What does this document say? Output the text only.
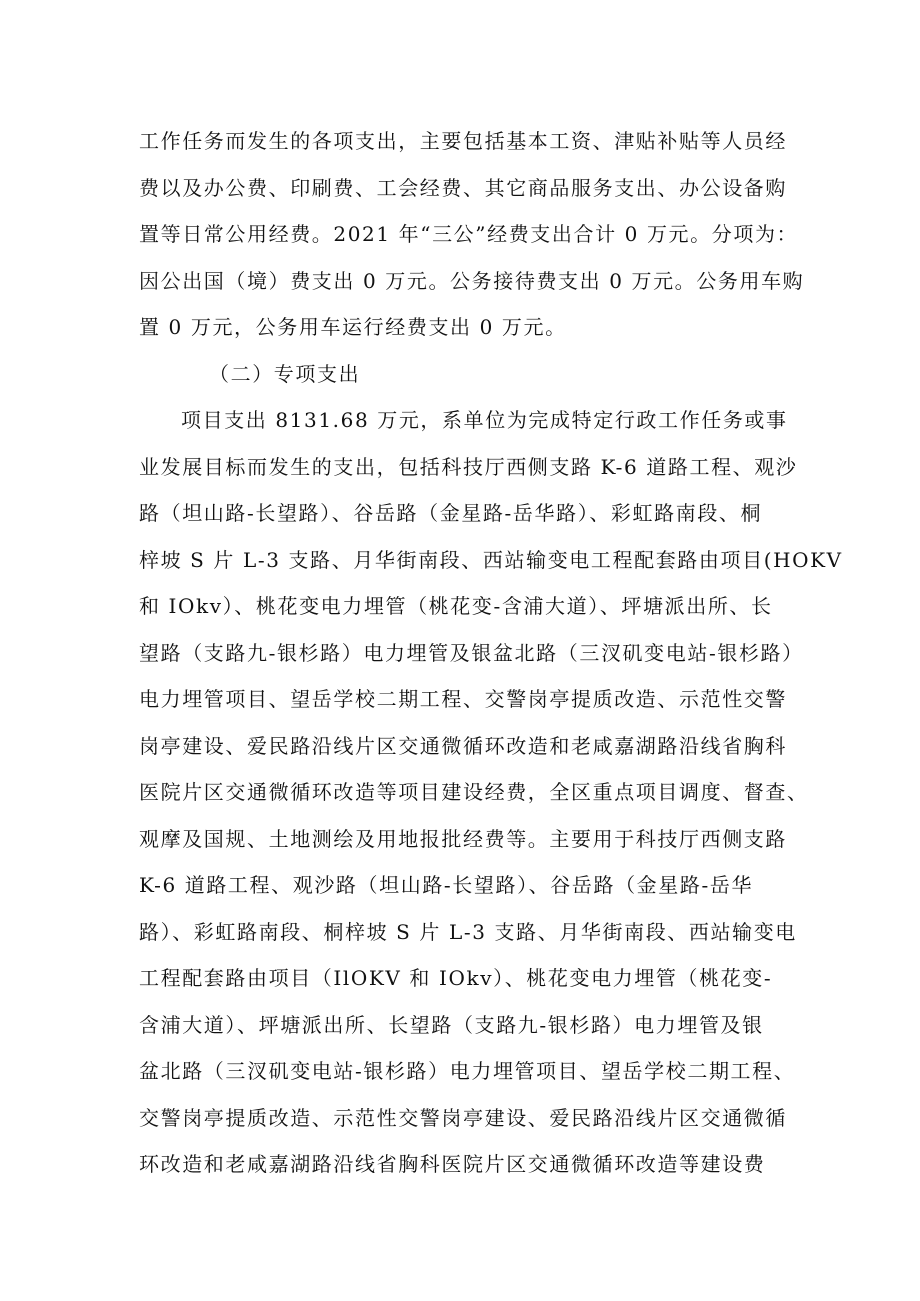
工作任务而发生的各项支出，主要包括基本工资、津贴补贴等人员经
费以及办公费、印刷费、工会经费、其它商品服务支出、办公设备购
置等日常公用经费。2021 年“三公”经费支出合计 0 万元。分项为：
因公出国（境）费支出 0 万元。公务接待费支出 0 万元。公务用车购
置 0 万元，公务用车运行经费支出 0 万元。
（二）专项支出
项目支出 8131.68 万元，系单位为完成特定行政工作任务或事
业发展目标而发生的支出，包括科技厅西侧支路 K-6 道路工程、观沙
路（坦山路-长望路）、谷岳路（金星路-岳华路）、彩虹路南段、桐
梓坡 S 片 L-3 支路、月华街南段、西站输变电工程配套路由项目(HOKV
和 IOkv）、桃花变电力埋管（桃花变-含浦大道）、坪塘派出所、长
望路（支路九-银杉路）电力埋管及银盆北路（三汊矶变电站-银杉路）
电力埋管项目、望岳学校二期工程、交警岗亭提质改造、示范性交警
岗亭建设、爱民路沿线片区交通微循环改造和老咸嘉湖路沿线省胸科
医院片区交通微循环改造等项目建设经费，全区重点项目调度、督查、
观摩及国规、土地测绘及用地报批经费等。主要用于科技厅西侧支路
K-6 道路工程、观沙路（坦山路-长望路）、谷岳路（金星路-岳华
路）、彩虹路南段、桐梓坡 S 片 L-3 支路、月华街南段、西站输变电
工程配套路由项目（IlOKV 和 IOkv）、桃花变电力埋管（桃花变-
含浦大道）、坪塘派出所、长望路（支路九-银杉路）电力埋管及银
盆北路（三汊矶变电站-银杉路）电力埋管项目、望岳学校二期工程、
交警岗亭提质改造、示范性交警岗亭建设、爱民路沿线片区交通微循
环改造和老咸嘉湖路沿线省胸科医院片区交通微循环改造等建设费
